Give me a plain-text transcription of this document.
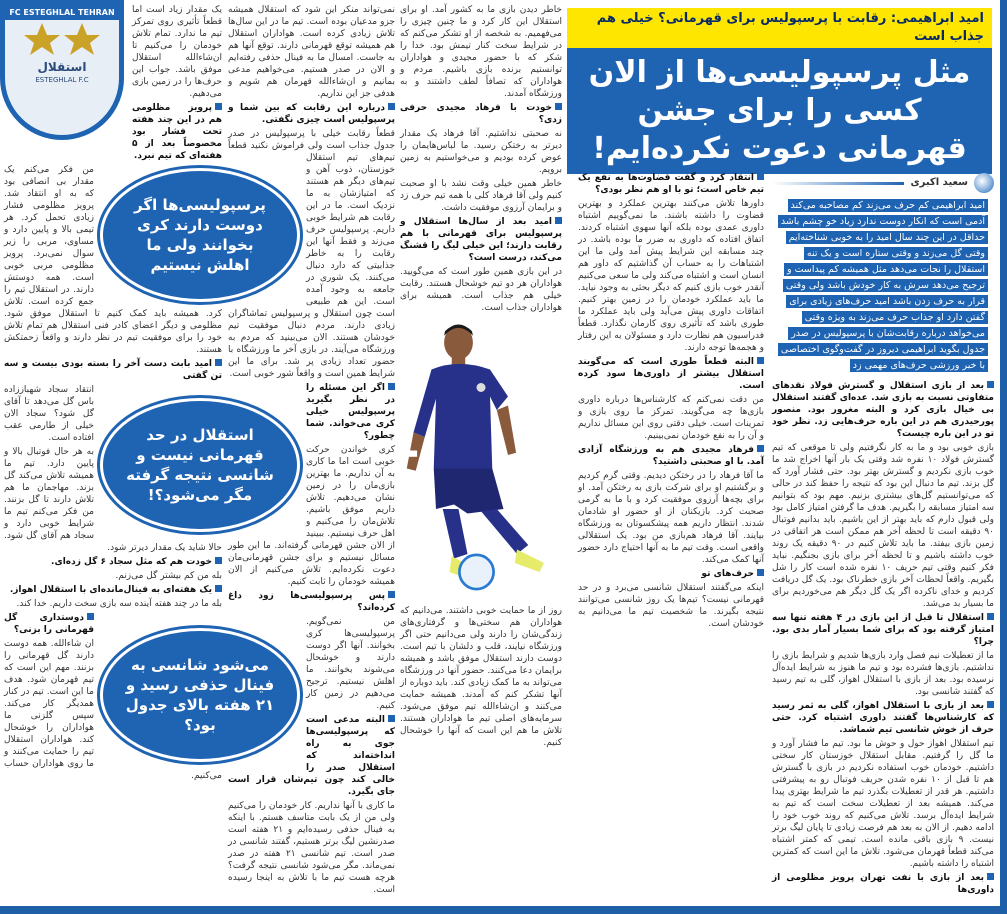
FC ESTEGHLAL TEHRAN
استقلال
ESTEGHLAL F.C
امید ابراهیمی: رقابت با پرسپولیس برای قهرمانی؟ خیلی هم جذاب است
مثل پرسپولیسی‌ها از الان کسی را برای جشن قهرمانی دعوت نکرده‌ایم!
سعید اکبری
امید ابراهیمی کم حرف می‌زند کم مصاحبه می‌کند آدمی است که انکار دوست ندارد زیاد خو چشم باشد حداقل در این چند سال امید را به خوبی شناخته‌ایم وقتی گل می‌زند و وقتی ستاره است و یک تنه استقلال را نجات می‌دهد مثل همیشه کم پیداست و ترجیح می‌دهد سرش به کار خودش باشد ولی وقتی قرار به حرف زدن باشد امید حرف‌های زیادی برای گفتن دارد او جذاب حرف می‌زند به ویژه وقتی می‌خواهد درباره رقابت‌شان با پرسپولیس در صدر جدول بگوید ابراهیمی دیروز در گفت‌وگوی اختصاصی با خبر ورزشی حرف‌های مهمی زد

بعد از بازی استقلال و گسترش فولاد نقدهای متفاوتی نسبت به بازی شد. عده‌ای گفتند استقلال بی خیال بازی کرد و البته مغرور بود. منصور پورحیدری هم در این باره حرف‌هایی زد. نظر خود تو در این باره چیست؟

بازی خوبی بود و ما به کار نگرفتیم ولی تا موقعی که تیم گسترش فولاد ۱۰ نفره شد وقتی یک بار آنها اخراج شد ما خوب بازی نکردیم و گسترش بهتر بود. حتی فشار آورد که گل بزند. تیم ما دنبال این بود که نتیجه را حفظ کند در حالی که می‌توانستیم گل‌های بیشتری بزنیم. مهم بود که بتوانیم سه امتیاز مسابقه را بگیریم. هدف ما گرفتن امتیاز کامل بود ولی قبول دارم که باید بهتر از این باشیم. باید بدانیم فوتبال ۹۰ دقیقه است تا لحظه آخر هم ممکن است هر اتفاقی در زمین بازی بیفتد. ما باید تلاش کنیم در ۹۰ دقیقه یک روند خوب داشته باشیم و تا لحظه آخر برای بازی بجنگیم. نباید فکر کنیم وقتی تیم حریف ۱۰ نفره شده است کار را شل بگیریم. واقعاً لحظات آخر بازی خطرناک بود. یک گل دریافت کردیم و خدای ناکرده اگر یک گل دیگر هم می‌خوردیم برای ما بسیار بد می‌شد.

استقلال تا قبل از این بازی در ۴ هفته تنها سه امتیاز گرفته بود که برای شما بسیار آمار بدی بود. چرا؟

ما از تعطیلات نیم فصل وارد بازی‌ها شدیم و شرایط بازی را نداشتیم. بازی‌ها فشرده بود و تیم ما هنوز به شرایط ایده‌آل نرسیده بود. بعد از بازی با استقلال اهواز، گلی به تیم رسید که گفتند شانسی بود.

بعد از بازی با استقلال اهواز، گلی به ثمر رسید که کارشناس‌ها گفتند داوری اشتباه کرد. حتی حرف از خوش شانسی تیم شماشد.

تیم استقلال اهواز حول و حوش ما بود. تیم ما فشار آورد و ما گل را گرفتیم. مقابل استقلال خوزستان کار سختی داشتیم. خودمان خوب استفاده نکردیم در بازی با گسترش هم تا قبل از ۱۰ نفره شدن حریف فوتبال رو به پیشرفتی داشتیم. هر قدر از تعطیلات بگذرد تیم ما شرایط بهتری پیدا می‌کند. همیشه بعد از تعطیلات سخت است که تیم به شرایط ایده‌آل برسد. تلاش می‌کنیم که روند خوب خود را ادامه دهیم. از الان به بعد هم فرصت زیادی تا پایان لیگ برتر نیست. ۹ بازی باقی مانده است. تیمی که کمتر اشتباه می‌کند قطعاً قهرمان می‌شود. تلاش ما این است که کمترین اشتباه را داشته باشیم.

بعد از بازی با نفت تهران پرویز مظلومی از داوری‌ها

انتقاد کرد و گفت قضاوت‌ها به نفع یک تیم خاص است؛ تو با او هم نظر بودی؟

داورها تلاش می‌کنند بهترین عملکرد و بهترین قضاوت را داشته باشند. ما نمی‌گوییم اشتباه داوری عمدی بوده بلکه آنها سهوی اشتباه کردند. اتفاق افتاده که داوری به ضرر ما بوده باشد. در چند مسابقه این شرایط پیش آمد ولی ما این اشتباهات را به حساب آن گذاشتیم که داور هم انسان است و اشتباه می‌کند ولی ما سعی می‌کنیم آنقدر خوب بازی کنیم که دیگر بحثی به وجود نیاید. ما باید عملکرد خودمان را در زمین بهتر کنیم. اتفاقات داوری پیش می‌آید ولی باید عملکرد ما طوری باشد که تأثیری روی کارمان نگذارد. قطعاً فدراسیون هم نظارت دارد و مسئولان به این رفتار و هجمه‌ها توجه دارند.

البته قطعاً طوری است که می‌گویند استقلال بیشتر از داوری‌ها سود کرده است.

من دقت نمی‌کنم که کارشناس‌ها درباره داوری بازی‌ها چه می‌گویند. تمرکز ما روی بازی و تمرینات است. خیلی دقتی روی این مسائل نداریم و آن را به نفع خودمان نمی‌بینیم.

فرهاد مجیدی هم به ورزشگاه آزادی آمد. با او صحبتی داشتید؟

ما آقا فرهاد را در رختکن دیدیم. وقتی گرم کردیم و برگشتیم او برای شرکت بازی به رختکن آمد. او برای بچه‌ها آرزوی موفقیت کرد و با ما به گرمی صحبت کرد. بازیکنان از او حضور او شادمان شدند. انتظار داریم همه پیشکسوتان به ورزشگاه بیایند. آقا فرهاد هم‌بازی من بود. یک استقلالی واقعی است. وقت تیم ما به آنها احتیاج دارد حضور آنها کمک می‌کند.

حرف‌های تو

اینکه می‌گفتند استقلال شانسی می‌برد و در حد قهرمانی نیست؟ تیم‌ها یک روز شانسی می‌توانند نتیجه بگیرند. ما شخصیت تیم ما می‌دانیم به خودشان است.

خاطر دیدن بازی ما به کشور آمد. او برای استقلال این کار کرد و ما چنین چیزی را می‌فهمیم. به شخصه از او تشکر می‌کنم که در شرایط سخت کنار تیمش بود. خدا را شکر که با حضور مجیدی و هواداران توانستیم برنده بازی باشیم. مردم و هواداران که تصافاً لطف داشتند و به ورزشگاه آمدند.

خودت با فرهاد مجیدی حرفی زدی؟

نه صحبتی نداشتیم. آقا فرهاد یک مقدار دیرتر به رختکن رسید. ما لباس‌هایمان را عوض کرده بودیم و می‌خواستیم به زمین برویم.

خاطر همین خیلی وقت نشد با او صحبت کنیم ولی آقا فرهاد کلی با همه تیم حرف زد و برایمان آرزوی موفقیت داشت.

امید بعد از سال‌ها استقلال و پرسپولیس برای قهرمانی با هم رقابت دارند؛ این خیلی لیگ را قشنگ می‌کند، درست است؟

در این بازی همین طور است که می‌گویید. هواداران هر دو تیم خوشحال هستند. رقابت خیلی هم جذاب است. همیشه برای هواداران جذاب است.

روز از ما حمایت خوبی داشتند. می‌دانیم که هواداران هم سختی‌ها و گرفتاری‌های زندگی‌شان را دارند ولی می‌دانیم حتی اگر ورزشگاه نیایند، قلب و دلشان با تیم است. دوست دارند استقلال موفق باشد و همیشه برایمان دعا می‌کنند. حضور آنها در ورزشگاه می‌تواند به ما کمک زیادی کند. باید دوباره از آنها تشکر کنم که آمدند. همیشه حمایت می‌کنند و ان‌شاءالله تیم موفق می‌شود. سرمایه‌های اصلی تیم ما هواداران هستند. تلاش ما هم این است که آنها را خوشحال کنیم.

نمی‌تواند منکر این شود که استقلال همیشه جزو مدعیان بوده است. تیم ما در این سال‌ها تلاش زیادی کرده است. هواداران استقلال هم همیشه توقع قهرمانی دارند. توقع آنها هم به جاست. امسال ما به فینال حذفی رفته‌ایم و الان در صدر هستیم. می‌خواهیم مدعی بمانیم و ان‌شاءالله قهرمان هم شویم و هدفی جز این نداریم.

درباره این رقابت که بین شما و پرسپولیس است چیزی نگفتی.

قطعاً رقابت خیلی با پرسپولیس در صدر جدول جذاب است ولی فراموش نکنید قطعاً تیم‌های تیم استقلال خوزستان، ذوب آهن و تیم‌های دیگر هم هستند که امتیازشان به ما نزدیک است. ما در این رقابت هم شرایط خوبی داریم. پرسپولیس حرف می‌زند و فقط آنها این رقابت را به خاطر جذابیتی که دارد دنبال می‌کنند. یک شوری در جامعه به وجود آمده است. این هم طبیعی است چون استقلال و پرسپولیس تماشاگران زیادی دارند. مردم دنبال موفقیت تیم خودشان هستند. الان می‌بینید که مردم به ورزشگاه می‌آیند. در بازی آخر ما ورزشگاه با حضور تعداد زیادی پر شد. برای ما این شرایط همین است و واقعاً شور خوبی است.

اگر این مسئله را در نظر بگیرید پرسپولیس خیلی کری می‌خواند. شما چطور؟

کری خواندن حرکت خوبی است اما ما کاری به آن نداریم. ما بهترین بازی‌مان را در زمین نشان می‌دهیم. تلاش داریم موفق باشیم. تلاش‌مان را می‌کنیم و اهل حرف نیستیم. ببینید از الان جشن قهرمانی گرفته‌اند. ما این طور مسائل نیستیم و برای جشن قهرمانی‌مان دعوت نکرده‌ایم. تلاش می‌کنیم از الان همیشه خودمان را ثابت کنیم.

پس پرسپولیسی‌ها زود داغ کرده‌اند؟

من نمی‌گویم. پرسپولیسی‌ها کری بخوانند. آنها اگر دوست دارند و خوشحال می‌شوند بخوانند. ما اهلش نیستیم. ترجیح می‌دهیم در زمین کار کنیم.

البته مدعی است که پرسپولیسی‌ها جوی به راه انداخته‌اند که استقلال صدر را خالی کند چون تیم‌شان قرار است جای بگیرد.

ما کاری با آنها نداریم. کار خودمان را می‌کنیم ولی من از یک بابت متاسف هستم. با اینکه به فینال حذفی رسیده‌ایم و ۲۱ هفته است صدرنشین لیگ برتر هستیم، گفتند شانسی در صدر است. تیم شانسی ۲۱ هفته در صدر نمی‌ماند. مگر می‌شود شانسی نتیجه گرفت؟ هرچه هست تیم ما با تلاش به اینجا رسیده است.

یک مقدار زیاد است اما قطعاً تأثیری روی تمرکز تیم ما ندارد. تمام تلاش خودمان را می‌کنیم تا ان‌شاءالله استقلال موفق باشد. جواب این حرف‌ها را در زمین بازی می‌دهیم.

پرویز مظلومی هم در این چند هفته تحت فشار بود مخصوصاً بعد از ۵ هفته‌ای که تیم نبرد.

من فکر می‌کنم یک مقدار بی انصافی بود که به او انتقاد شد. پرویز مظلومی فشار زیادی تحمل کرد. هر تیمی بالا و پایین دارد و مساوی، مربی را زیر سوال نمی‌برد. پرویز مظلومی مربی خوبی است. همه دوستش دارند. در استقلال تیم را جمع کرده است. تلاش کرد. همیشه باید کمک کنیم تا استقلال موفق شود. مظلومی و دیگر اعضای کادر فنی استقلال هم تمام تلاش خود را برای موفقیت تیم در نظر دارند و واقعاً زحمتکش هستند.

امید بابت دست آخر را بسته بودی بیست و سه تن گفتی

انتقاد سجاد شهباززاده باس گل می‌دهد تا آقای گل شود؟ سجاد الان خیلی از طارمی عقب افتاده است.

به هر حال فوتبال بالا و پایین دارد. تیم ما همیشه تلاش می‌کند گل بزند. مهاجمان ما هم تلاش دارند تا گل بزنند. من فکر می‌کنم تیم ما شرایط خوبی دارد و سجاد هم آقای گل شود. حالا شاید یک مقدار دیرتر شود.

خودت هم که مثل سجاد ۶ گل زده‌ای.

بله من کم بیشتر گل می‌زنم.

یک هفته‌ای به فینال‌مانده‌ای با استقلال اهواز.

بله ما در چند هفته آینده سه بازی سخت داریم. خدا کند.

دوستداری گل قهرمانی را بزنی؟

ان شاءالله. همه دوست دارند گل قهرمانی را بزنند. مهم این است که تیم قهرمان شود. هدف ما این است. تیم در کنار همدیگر کار می‌کند. سپس گلزنی ما هواداران را خوشحال کند. هواداران استقلال تیم را حمایت می‌کنند و ما روی هواداران حساب می‌کنیم.

پرسپولیسی‌ها اگر دوست دارند کری بخوانند ولی ما اهلش نیستیم
استقلال در حد قهرمانی نیست و شانسی نتیجه گرفته مگر می‌شود؟!
می‌شود شانسی به فینال حذفی رسید و ۲۱ هفته بالای جدول بود؟
